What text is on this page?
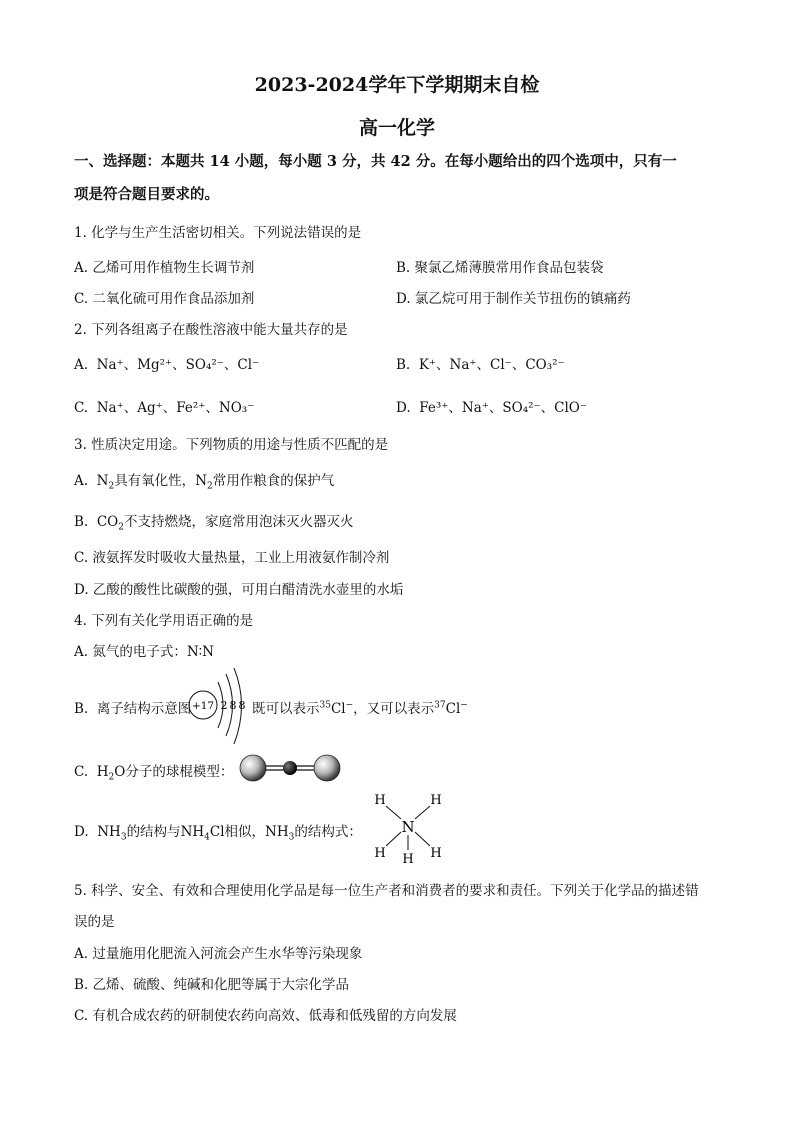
2023-2024学年下学期期末自检
高一化学
一、选择题：本题共 14 小题，每小题 3 分，共 42 分。在每小题给出的四个选项中，只有一
项是符合题目要求的。
1. 化学与生产生活密切相关。下列说法错误的是
A. 乙烯可用作植物生长调节剂	B. 聚氯乙烯薄膜常用作食品包装袋
C. 二氧化硫可用作食品添加剂	D. 氯乙烷可用于制作关节扭伤的镇痛药
2. 下列各组离子在酸性溶液中能大量共存的是
A. Na⁺、Mg²⁺、SO₄²⁻、Cl⁻	B. K⁺、Na⁺、Cl⁻、CO₃²⁻
C. Na⁺、Ag⁺、Fe²⁺、NO₃⁻	D. Fe³⁺、Na⁺、SO₄²⁻、ClO⁻
3. 性质决定用途。下列物质的用途与性质不匹配的是
A. $N_2$具有氧化性，$N_2$常用作粮食的保护气
B. $CO_2$不支持燃烧，家庭常用泡沫灭火器灭火
C. 液氨挥发时吸收大量热量，工业上用液氨作制冷剂
D. 乙酸的酸性比碳酸的强，可用白醋清洗水壶里的水垢
4. 下列有关化学用语正确的是
A. 氮气的电子式：N∶N
B. 离子结构示意图 +17 2 8 8 既可以表示$^{35}$Cl−，又可以表示$^{37}$Cl−
C. $H_2O$分子的球棍模型：
D. $NH_3$的结构与$NH_4Cl$相似，$NH_3$的结构式：	N
H	H
H H H
5. 科学、安全、有效和合理使用化学品是每一位生产者和消费者的要求和责任。下列关于化学品的描述错
误的是
A. 过量施用化肥流入河流会产生水华等污染现象
B. 乙烯、硫酸、纯碱和化肥等属于大宗化学品
C. 有机合成农药的研制使农药向高效、低毒和低残留的方向发展
